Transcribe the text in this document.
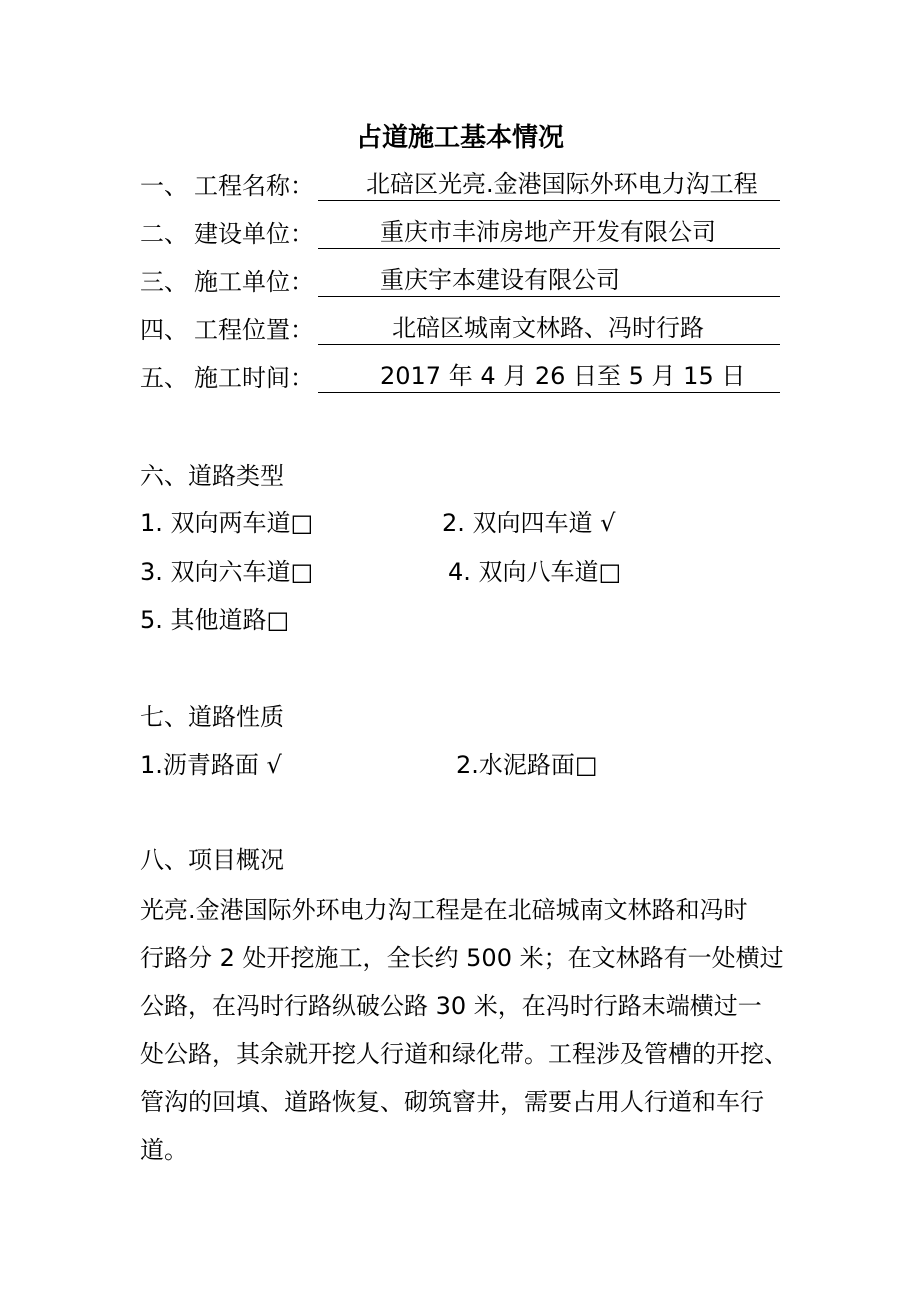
占道施工基本情况
一、 工程名称： 北碚区光亮.金港国际外环电力沟工程
二、 建设单位：	重庆市丰沛房地产开发有限公司
三、 施工单位：	重庆宇本建设有限公司
四、 工程位置：	北碚区城南文林路、冯时行路
五、 施工时间：	2017 年 4 月 26 日至 5 月 15 日
六、道路类型
1. 双向两车道□	2. 双向四车道 √
3. 双向六车道□	4. 双向八车道□
5. 其他道路□
七、道路性质
1.沥青路面 √	2.水泥路面□
八、项目概况
光亮.金港国际外环电力沟工程是在北碚城南文林路和冯时
行路分 2 处开挖施工，全长约 500 米；在文林路有一处横过
公路，在冯时行路纵破公路 30 米，在冯时行路末端横过一
处公路，其余就开挖人行道和绿化带。工程涉及管槽的开挖、
管沟的回填、道路恢复、砌筑窨井，需要占用人行道和车行
道。
